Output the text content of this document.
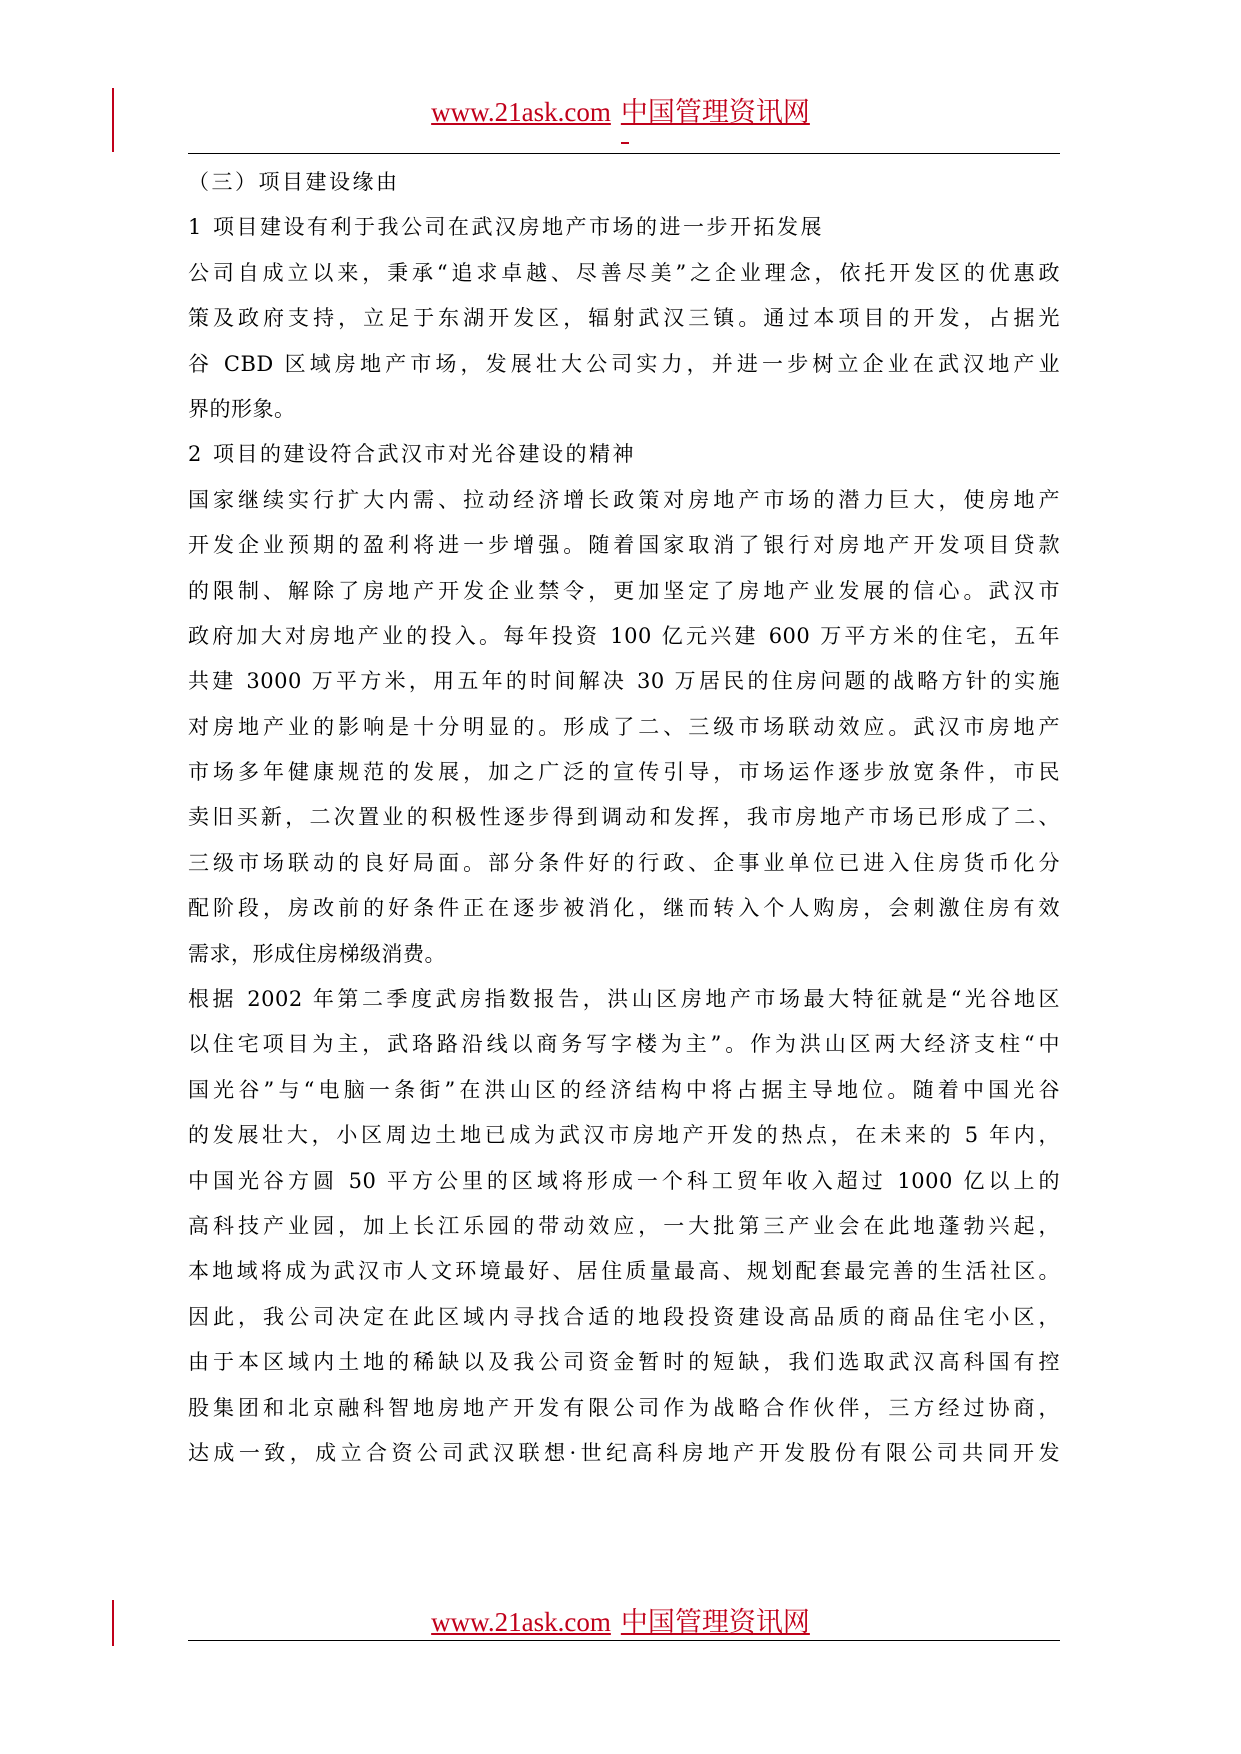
www.21ask.com 中国管理资讯网
（三）项目建设缘由
1 项目建设有利于我公司在武汉房地产市场的进一步开拓发展
公司自成立以来，秉承“追求卓越、尽善尽美”之企业理念，依托开发区的优惠政
策及政府支持，立足于东湖开发区，辐射武汉三镇。通过本项目的开发，占据光
谷 CBD 区域房地产市场，发展壮大公司实力，并进一步树立企业在武汉地产业
界的形象。
2 项目的建设符合武汉市对光谷建设的精神
国家继续实行扩大内需、拉动经济增长政策对房地产市场的潜力巨大，使房地产
开发企业预期的盈利将进一步增强。随着国家取消了银行对房地产开发项目贷款
的限制、解除了房地产开发企业禁令，更加坚定了房地产业发展的信心。武汉市
政府加大对房地产业的投入。每年投资 100 亿元兴建 600 万平方米的住宅，五年
共建 3000 万平方米，用五年的时间解决 30 万居民的住房问题的战略方针的实施
对房地产业的影响是十分明显的。形成了二、三级市场联动效应。武汉市房地产
市场多年健康规范的发展，加之广泛的宣传引导，市场运作逐步放宽条件，市民
卖旧买新，二次置业的积极性逐步得到调动和发挥，我市房地产市场已形成了二、
三级市场联动的良好局面。部分条件好的行政、企事业单位已进入住房货币化分
配阶段，房改前的好条件正在逐步被消化，继而转入个人购房，会刺激住房有效
需求，形成住房梯级消费。
根据 2002 年第二季度武房指数报告，洪山区房地产市场最大特征就是“光谷地区
以住宅项目为主，武珞路沿线以商务写字楼为主”。作为洪山区两大经济支柱“中
国光谷”与“电脑一条街”在洪山区的经济结构中将占据主导地位。随着中国光谷
的发展壮大，小区周边土地已成为武汉市房地产开发的热点，在未来的 5 年内，
中国光谷方圆 50 平方公里的区域将形成一个科工贸年收入超过 1000 亿以上的
高科技产业园，加上长江乐园的带动效应，一大批第三产业会在此地蓬勃兴起，
本地域将成为武汉市人文环境最好、居住质量最高、规划配套最完善的生活社区。
因此，我公司决定在此区域内寻找合适的地段投资建设高品质的商品住宅小区，
由于本区域内土地的稀缺以及我公司资金暂时的短缺，我们选取武汉高科国有控
股集团和北京融科智地房地产开发有限公司作为战略合作伙伴，三方经过协商，
达成一致，成立合资公司武汉联想·世纪高科房地产开发股份有限公司共同开发
www.21ask.com 中国管理资讯网
